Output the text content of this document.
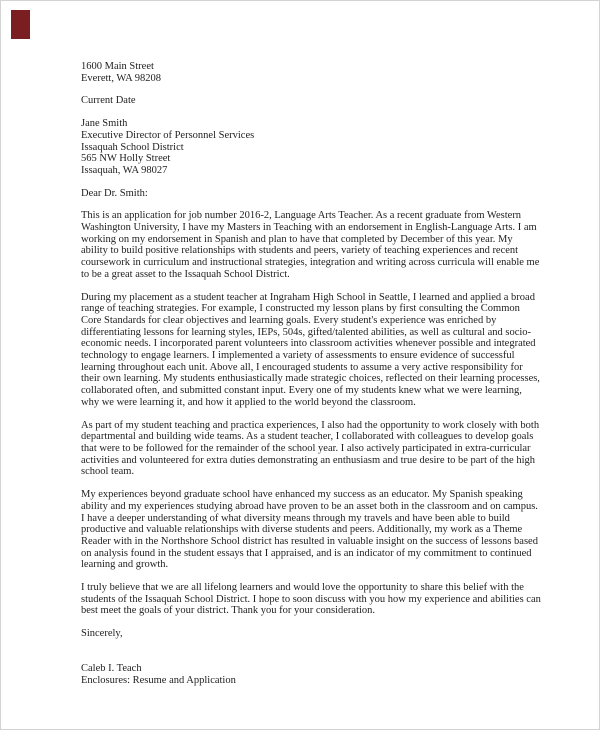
1600 Main Street
Everett, WA 98208
Current Date
Jane Smith
Executive Director of Personnel Services
Issaquah School District
565 NW Holly Street
Issaquah, WA 98027
Dear Dr. Smith:

This is an application for job number 2016-2, Language Arts Teacher. As a recent graduate from Western Washington University, I have my Masters in Teaching with an endorsement in English-Language Arts. I am working on my endorsement in Spanish and plan to have that completed by December of this year. My ability to build positive relationships with students and peers, variety of teaching experiences and recent coursework in curriculum and instructional strategies, integration and writing across curricula will enable me to be a great asset to the Issaquah School District.

During my placement as a student teacher at Ingraham High School in Seattle, I learned and applied a broad range of teaching strategies. For example, I constructed my lesson plans by first consulting the Common Core Standards for clear objectives and learning goals. Every student's experience was enriched by differentiating lessons for learning styles, IEPs, 504s, gifted/talented abilities, as well as cultural and socio-economic needs. I incorporated parent volunteers into classroom activities whenever possible and integrated technology to engage learners. I implemented a variety of assessments to ensure evidence of successful learning throughout each unit. Above all, I encouraged students to assume a very active responsibility for their own learning. My students enthusiastically made strategic choices, reflected on their learning processes, collaborated often, and submitted constant input. Every one of my students knew what we were learning, why we were learning it, and how it applied to the world beyond the classroom.

As part of my student teaching and practica experiences, I also had the opportunity to work closely with both departmental and building wide teams. As a student teacher, I collaborated with colleagues to develop goals that were to be followed for the remainder of the school year. I also actively participated in extra-curricular activities and volunteered for extra duties demonstrating an enthusiasm and true desire to be part of the high school team.

My experiences beyond graduate school have enhanced my success as an educator. My Spanish speaking ability and my experiences studying abroad have proven to be an asset both in the classroom and on campus. I have a deeper understanding of what diversity means through my travels and have been able to build productive and valuable relationships with diverse students and peers. Additionally, my work as a Theme Reader with in the Northshore School district has resulted in valuable insight on the success of lessons based on analysis found in the student essays that I appraised, and is an indicator of my commitment to continued learning and growth.

I truly believe that we are all lifelong learners and would love the opportunity to share this belief with the students of the Issaquah School District. I hope to soon discuss with you how my experience and abilities can best meet the goals of your district. Thank you for your consideration.

Sincerely,
Caleb I. Teach
Enclosures: Resume and Application
